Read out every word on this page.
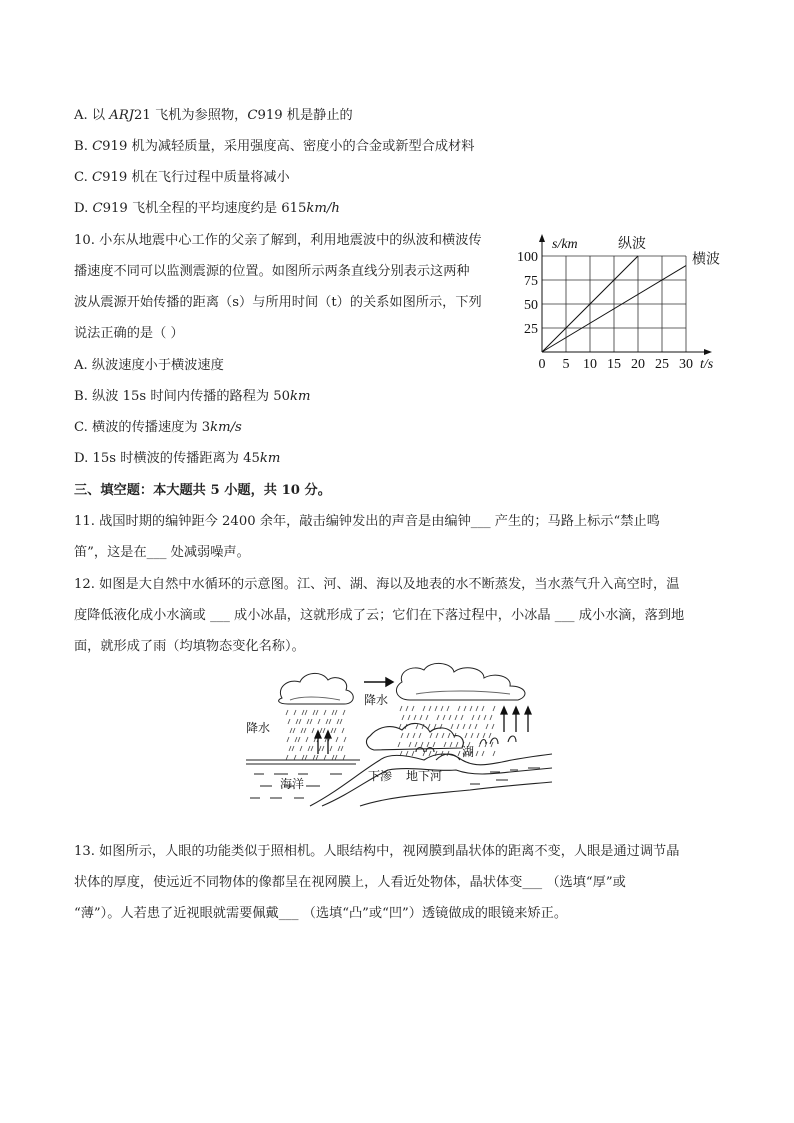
A. 以 ARJ21 飞机为参照物，C919 机是静止的
B. C919 机为减轻质量，采用强度高、密度小的合金或新型合成材料
C. C919 机在飞行过程中质量将减小
D. C919 飞机全程的平均速度约是 615km/h
10. 小东从地震中心工作的父亲了解到，利用地震波中的纵波和横波传
播速度不同可以监测震源的位置。如图所示两条直线分别表示这两种
波从震源开始传播的距离（s）与所用时间（t）的关系如图所示，下列
说法正确的是（ ）
A. 纵波速度小于横波速度
B. 纵波 15s 时间内传播的路程为 50km
C. 横波的传播速度为 3km/s
D. 15s 时横波的传播距离为 45km
0 5 10 15 20 25 30
25
50
75
100
s/km
t/s
纵波
横波
三、填空题：本大题共 5 小题，共 10 分。
11. 战国时期的编钟距今 2400 余年，敲击编钟发出的声音是由编钟___ 产生的；马路上标示“禁止鸣
笛”，这是在___ 处减弱噪声。
12. 如图是大自然中水循环的示意图。江、河、湖、海以及地表的水不断蒸发，当水蒸气升入高空时，温
度降低液化成小水滴或 ___ 成小冰晶，这就形成了云；它们在下落过程中，小冰晶 ___ 成小水滴，落到地
面，就形成了雨（均填物态变化名称）。
降水
降水
海洋
下渗 地下河
湖
13. 如图所示，人眼的功能类似于照相机。人眼结构中，视网膜到晶状体的距离不变，人眼是通过调节晶
状体的厚度，使远近不同物体的像都呈在视网膜上，人看近处物体，晶状体变___ （选填“厚”或
“薄”）。人若患了近视眼就需要佩戴___ （选填“凸”或“凹”）透镜做成的眼镜来矫正。
